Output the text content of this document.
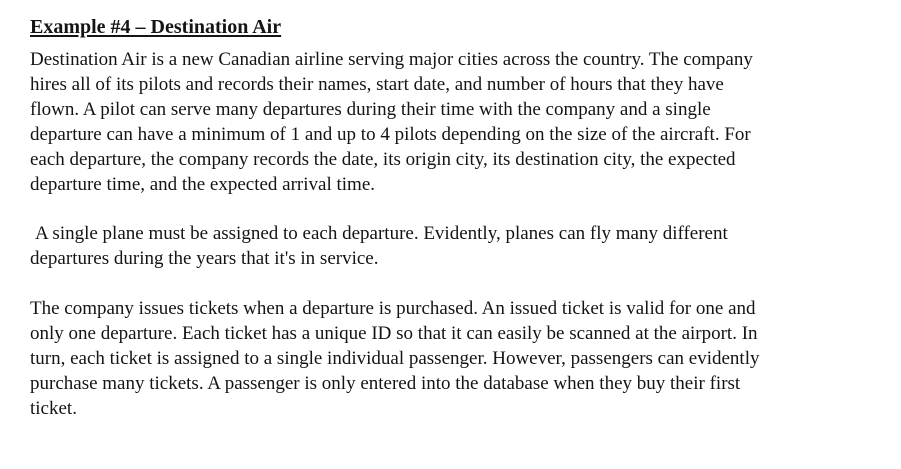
Example #4 – Destination Air

Destination Air is a new Canadian airline serving major cities across the country. The company
hires all of its pilots and records their names, start date, and number of hours that they have
flown. A pilot can serve many departures during their time with the company and a single
departure can have a minimum of 1 and up to 4 pilots depending on the size of the aircraft. For
each departure, the company records the date, its origin city, its destination city, the expected
departure time, and the expected arrival time.

A single plane must be assigned to each departure. Evidently, planes can fly many different
departures during the years that it's in service.

The company issues tickets when a departure is purchased. An issued ticket is valid for one and
only one departure. Each ticket has a unique ID so that it can easily be scanned at the airport. In
turn, each ticket is assigned to a single individual passenger. However, passengers can evidently
purchase many tickets. A passenger is only entered into the database when they buy their first
ticket.
